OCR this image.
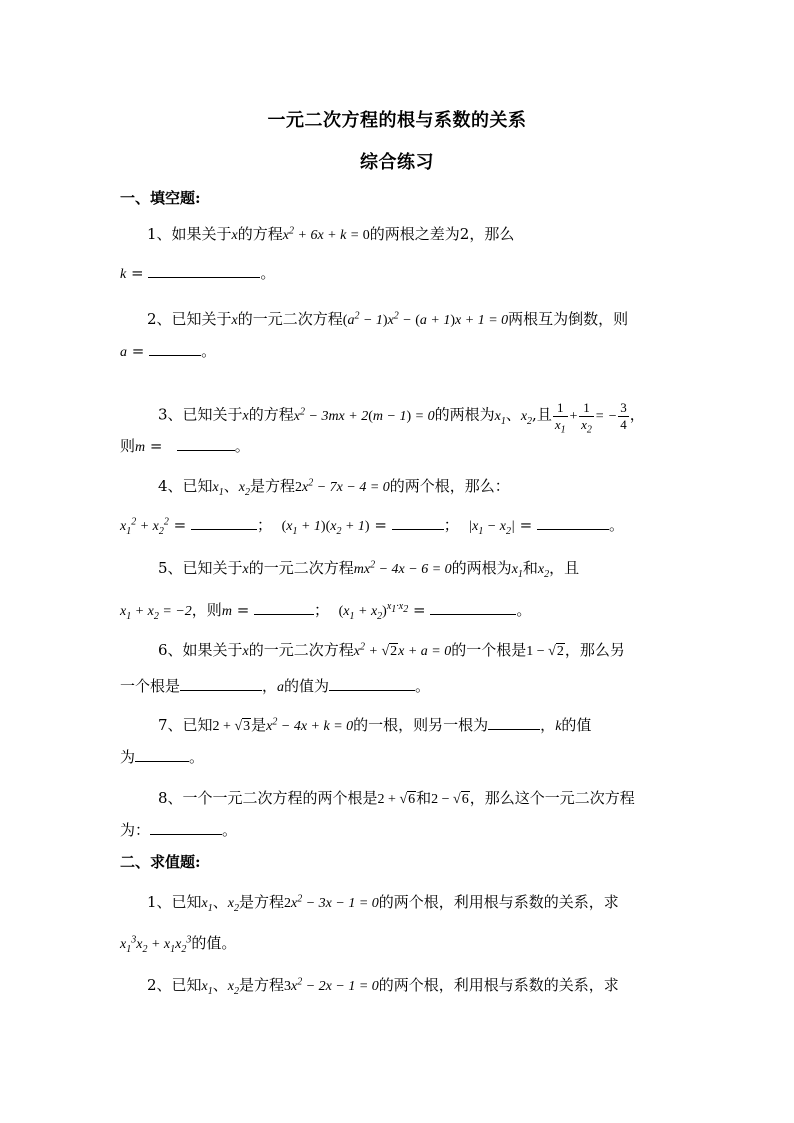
一元二次方程的根与系数的关系
综合练习
一、填空题:
1、如果关于x的方程$x^2 + 6x + k = 0$的两根之差为2，那么
k =	。
2、已知关于x的一元二次方程$(a^2 - 1)x^2 - (a + 1)x + 1 = 0$两根互为倒数，则
a =	。
3、已知关于x的方程$x^2 - 3mx + 2(m - 1) = 0$的两根为$x_1$、$x_2$,且 $\frac{1}{x_1} + \frac{1}{x_2}$ = − $\frac{3}{4}$ ，
则m =	。
4、已知$x_1$、$x_2$是方程$2x^2 - 7x - 4 = 0$的两个根，那么：
$x_1^2 + x_2^2$ =	； $(x_1 + 1)(x_2 + 1)$ =	； $|x_1 - x_2|$ =	。
5、已知关于x的一元二次方程$mx^2 - 4x - 6 = 0$的两根为$x_1$和$x_2$，且
$x_1 + x_2 = -2$，则m =	； $(x_1 + x_2)^{x_1\cdot x_2}$ =	。
6、如果关于x的一元二次方程$x^2 + √2x + a = 0$的一个根是1 − √2，那么另
一个根是	，a的值为	。
7、已知2 + √3是$x^2 - 4x + k = 0$的一根，则另一根为	，k的值
为	。
8、一个一元二次方程的两个根是2 + √6和2 − √6，那么这个一元二次方程
为：	。
二、求值题:
1、已知$x_1$、$x_2$是方程$2x^2 - 3x - 1 = 0$的两个根，利用根与系数的关系，求
$x_1^3x_2 + x_1x_2^3$的值。
2、已知$x_1$、$x_2$是方程$3x^2 - 2x - 1 = 0$的两个根，利用根与系数的关系，求
